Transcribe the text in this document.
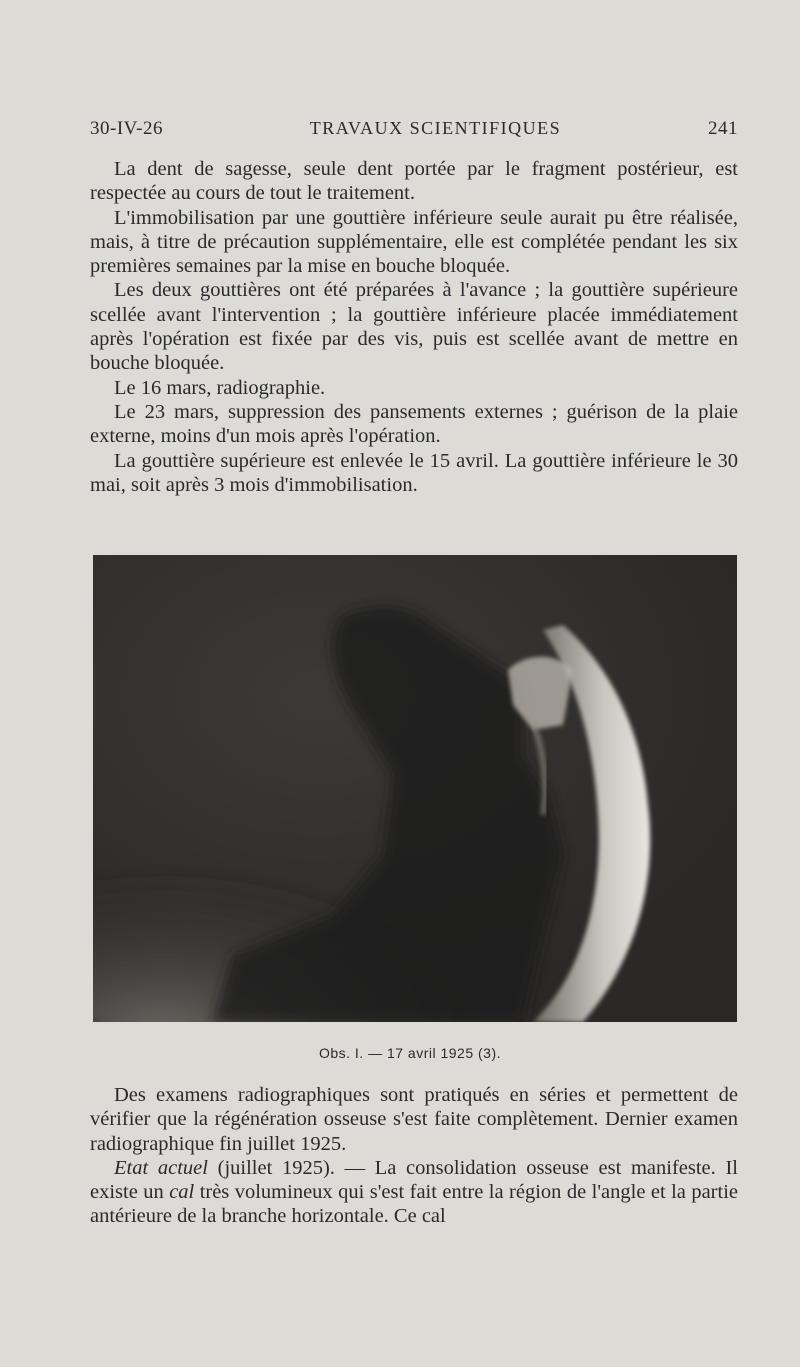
30-IV-26	TRAVAUX SCIENTIFIQUES	241

La dent de sagesse, seule dent portée par le fragment postérieur, est respectée au cours de tout le traitement.

L'immobilisation par une gouttière inférieure seule aurait pu être réalisée, mais, à titre de précaution supplémentaire, elle est complétée pendant les six premières semaines par la mise en bouche bloquée.

Les deux gouttières ont été préparées à l'avance ; la gouttière supérieure scellée avant l'intervention ; la gouttière inférieure placée immédiatement après l'opération est fixée par des vis, puis est scellée avant de mettre en bouche bloquée.

Le 16 mars, radiographie.

Le 23 mars, suppression des pansements externes ; guérison de la plaie externe, moins d'un mois après l'opération.

La gouttière supérieure est enlevée le 15 avril. La gouttière inférieure le 30 mai, soit après 3 mois d'immobilisation.

Obs. I. — 17 avril 1925 (3).

Des examens radiographiques sont pratiqués en séries et permettent de vérifier que la régénération osseuse s'est faite complètement. Dernier examen radiographique fin juillet 1925.

Etat actuel (juillet 1925). — La consolidation osseuse est manifeste. Il existe un cal très volumineux qui s'est fait entre la région de l'angle et la partie antérieure de la branche horizontale. Ce cal
